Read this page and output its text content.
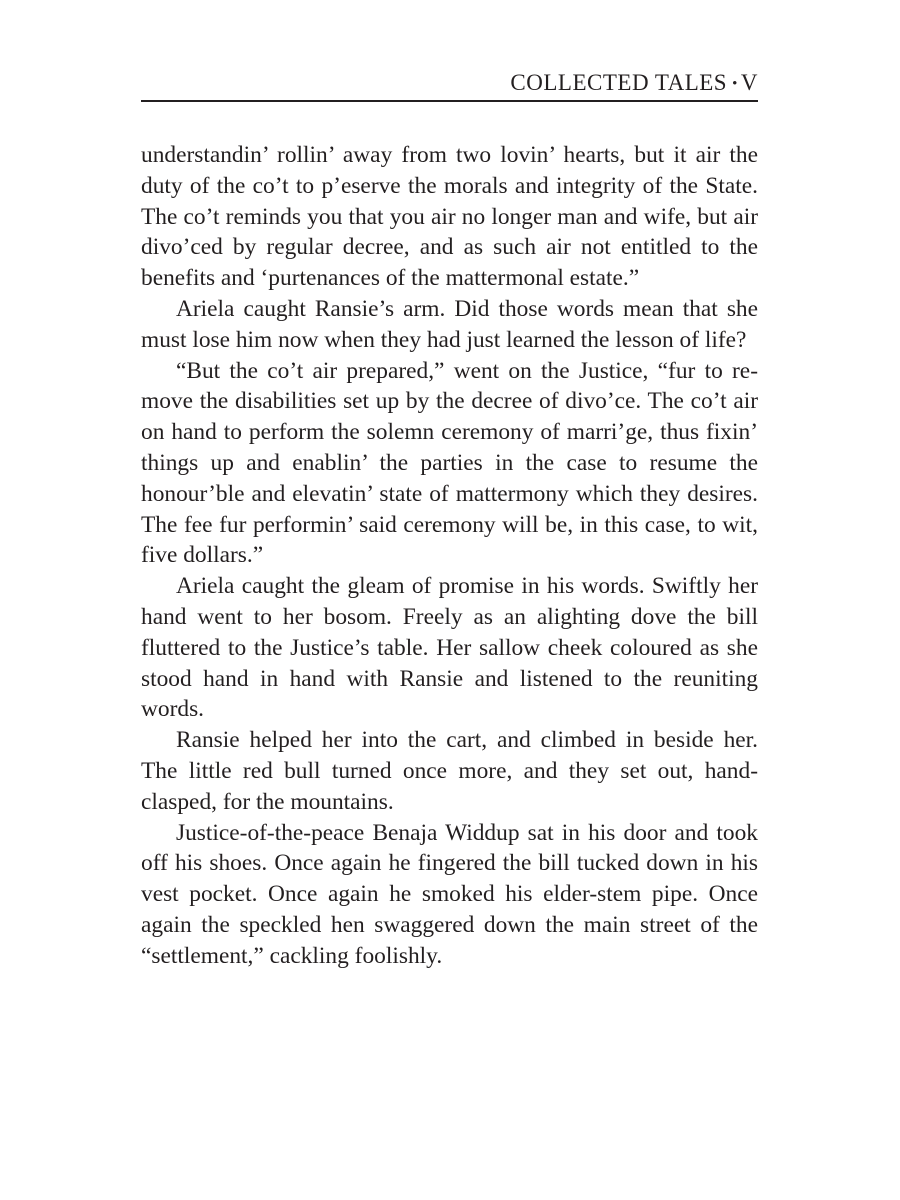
COLLECTED TALES • V

understandin’ rollin’ away from two lovin’ hearts, but it air the duty of the co’t to p’eserve the morals and integrity of the State. The co’t reminds you that you air no longer man and wife, but air divo’ced by regular decree, and as such air not entitled to the benefits and ‘purtenances of the mattermonal estate.”

Ariela caught Ransie’s arm. Did those words mean that she must lose him now when they had just learned the lesson of life?

“But the co’t air prepared,” went on the Justice, “fur to remove the disabilities set up by the decree of divo’ce. The co’t air on hand to perform the solemn ceremony of marri’ge, thus fixin’ things up and enablin’ the parties in the case to resume the honour’ble and elevatin’ state of mattermony which they desires. The fee fur performin’ said ceremony will be, in this case, to wit, five dollars.”

Ariela caught the gleam of promise in his words. Swiftly her hand went to her bosom. Freely as an alighting dove the bill fluttered to the Justice’s table. Her sallow cheek coloured as she stood hand in hand with Ransie and listened to the reuniting words.

Ransie helped her into the cart, and climbed in beside her. The little red bull turned once more, and they set out, handclasped, for the mountains.

Justice-of-the-peace Benaja Widdup sat in his door and took off his shoes. Once again he fingered the bill tucked down in his vest pocket. Once again he smoked his elder-stem pipe. Once again the speckled hen swaggered down the main street of the “settlement,” cackling foolishly.
